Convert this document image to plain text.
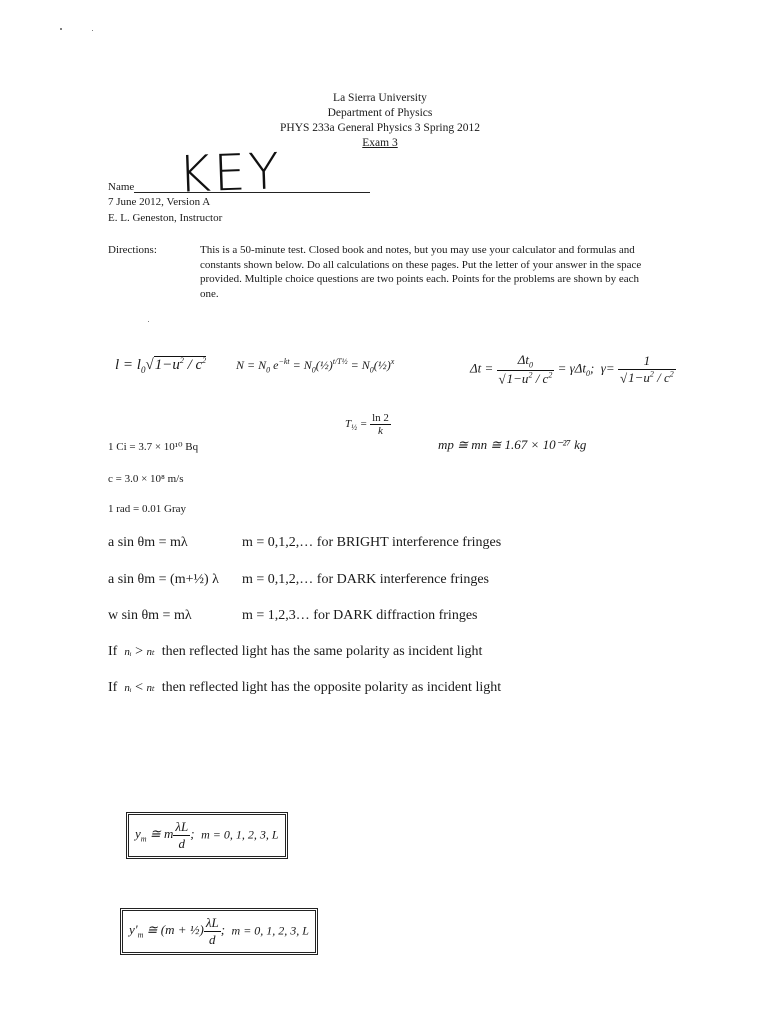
La Sierra University
Department of Physics
PHYS 233a General Physics 3 Spring 2012
Exam 3
Name KEY
7 June 2012, Version A
E. L. Geneston, Instructor
Directions:	This is a 50-minute test. Closed book and notes, but you may use your calculator and formulas and constants shown below. Do all calculations on these pages. Put the letter of your answer in the space provided. Multiple choice questions are two points each. Points for the problems are shown by each one.
$l = l_0√1-u^2 / c^2$ $N = N_0$ $e^{-kt}$ = $N_0(\frac{1}{2})^{t/T\frac{1}{2}}$ = $N_0(\frac{1}{2})^x$	$\Delta t = \frac{\Delta t_0}{√1-u^2 / c^2} = \gamma\Delta t_0$;  $\gamma= \frac{1}{√1-u^2 / c^2}$
$T_{\frac{1}{2}} = \frac{\ln 2}{k}$
1 Ci = 3.7 × 10¹⁰ Bq	mp ≅ mn ≅ 1.67 × 10⁻²⁷ kg
c = 3.0 × 10⁸ m/s
1 rad = 0.01 Gray
a sin θm = mλ	m = 0,1,2,… for BRIGHT interference fringes
a sin θm = (m+½) λ m = 0,1,2,… for DARK interference fringes
w sin θm = mλ	m = 1,2,3… for DARK diffraction fringes
If nᵢ > nₜ then reflected light has the same polarity as incident light
If nᵢ < nₜ then reflected light has the opposite polarity as incident light
$y_m$ ≅ m $\frac{\lambda L}{d}$ ;  m = 0, 1, 2, 3, L
$y'_m$ ≅ (m + ½) $\frac{\lambda L}{d}$ ;  m = 0, 1, 2, 3, L
